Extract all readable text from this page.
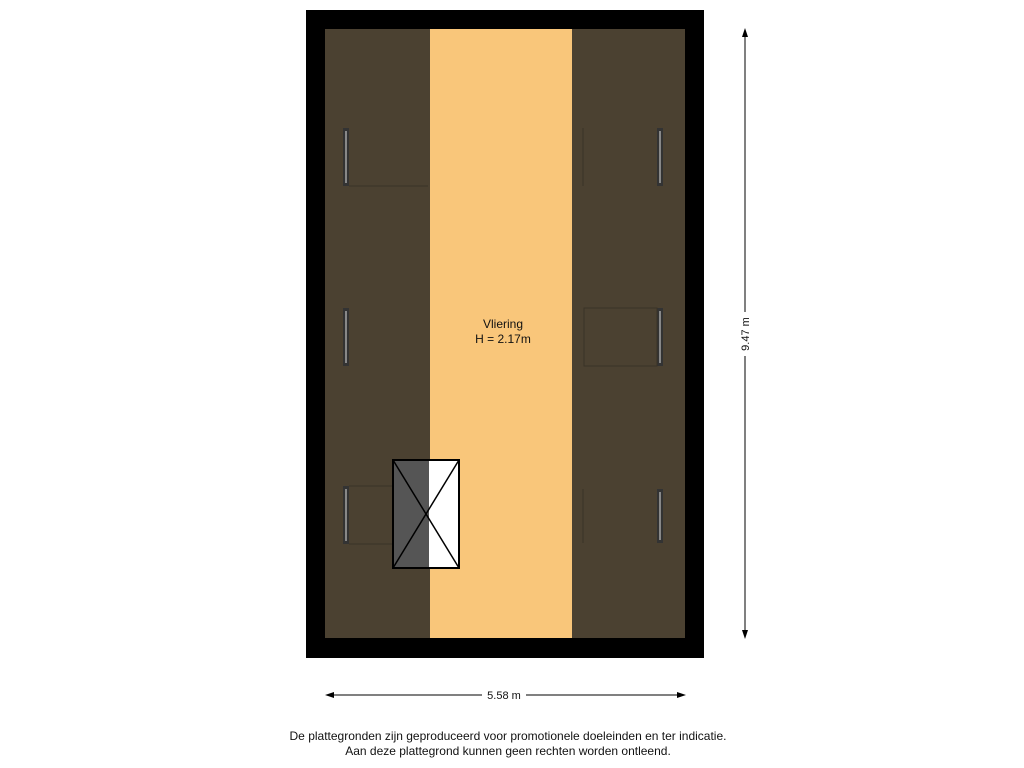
Vliering
H = 2.17m	9.47 m
5.58 m
De plattegronden zijn geproduceerd voor promotionele doeleinden en ter indicatie.
Aan deze plattegrond kunnen geen rechten worden ontleend.
